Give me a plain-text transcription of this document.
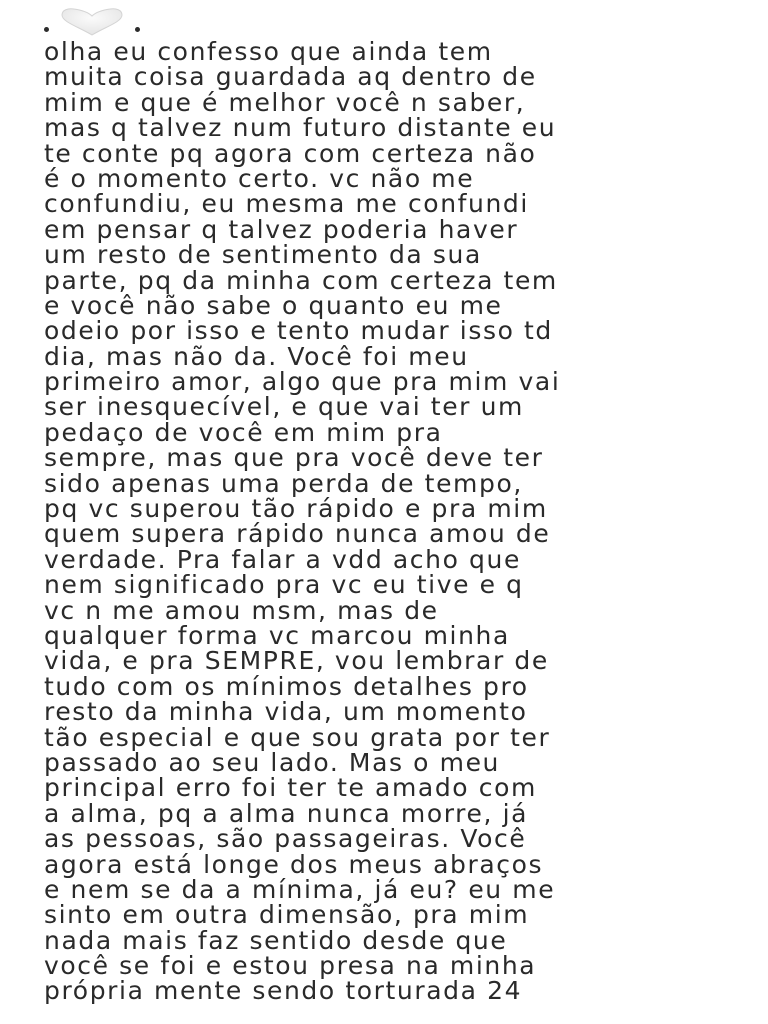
olha eu confesso que ainda tem
muita coisa guardada aq dentro de
mim e que é melhor você n saber,
mas q talvez num futuro distante eu
te conte pq agora com certeza não
é o momento certo. vc não me
confundiu, eu mesma me confundi
em pensar q talvez poderia haver
um resto de sentimento da sua
parte, pq da minha com certeza tem
e você não sabe o quanto eu me
odeio por isso e tento mudar isso td
dia, mas não da. Você foi meu
primeiro amor, algo que pra mim vai
ser inesquecível, e que vai ter um
pedaço de você em mim pra
sempre, mas que pra você deve ter
sido apenas uma perda de tempo,
pq vc superou tão rápido e pra mim
quem supera rápido nunca amou de
verdade. Pra falar a vdd acho que
nem significado pra vc eu tive e q
vc n me amou msm, mas de
qualquer forma vc marcou minha
vida, e pra SEMPRE, vou lembrar de
tudo com os mínimos detalhes pro
resto da minha vida, um momento
tão especial e que sou grata por ter
passado ao seu lado. Mas o meu
principal erro foi ter te amado com
a alma, pq a alma nunca morre, já
as pessoas, são passageiras. Você
agora está longe dos meus abraços
e nem se da a mínima, já eu? eu me
sinto em outra dimensão, pra mim
nada mais faz sentido desde que
você se foi e estou presa na minha
própria mente sendo torturada 24
